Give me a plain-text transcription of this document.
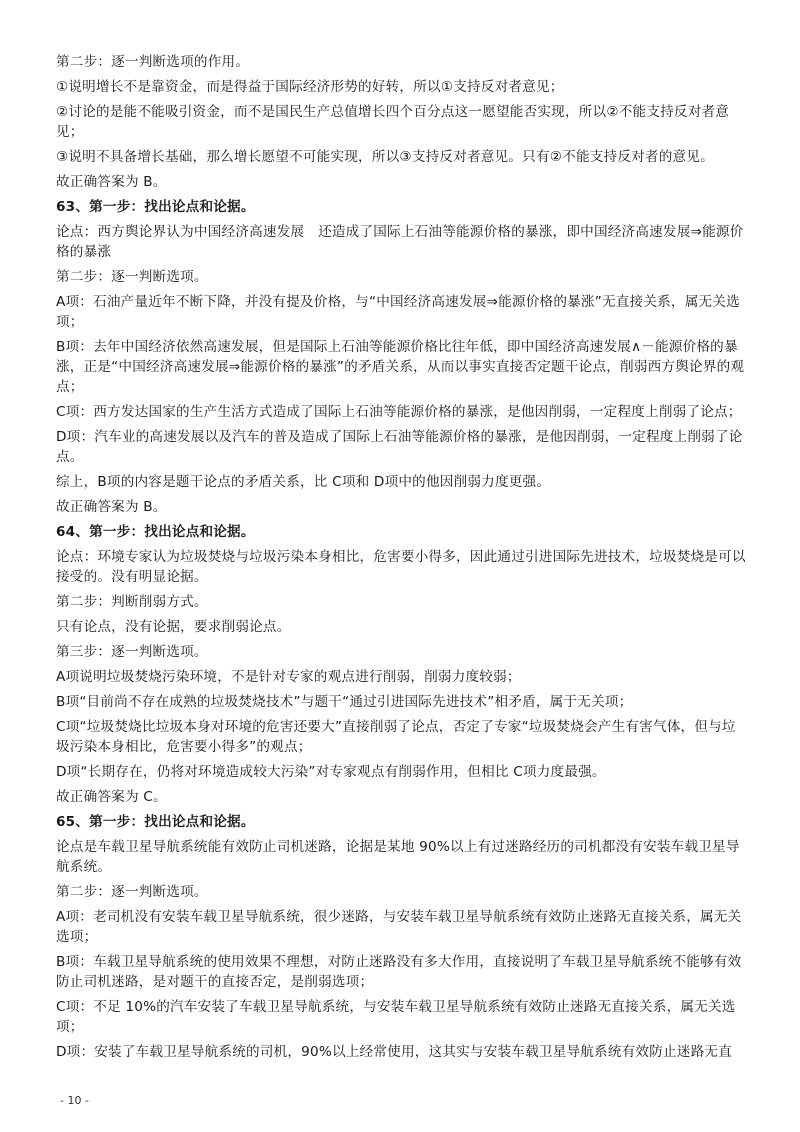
第二步：逐一判断选项的作用。

①说明增长不是靠资金，而是得益于国际经济形势的好转，所以①支持反对者意见；

②讨论的是能不能吸引资金，而不是国民生产总值增长四个百分点这一愿望能否实现，所以②不能支持反对者意见；

③说明不具备增长基础，那么增长愿望不可能实现，所以③支持反对者意见。只有②不能支持反对者的意见。

故正确答案为 B。

63、第一步：找出论点和论据。

论点：西方舆论界认为中国经济高速发展　还造成了国际上石油等能源价格的暴涨，即中国经济高速发展⇒能源价格的暴涨

第二步：逐一判断选项。

A项：石油产量近年不断下降，并没有提及价格，与“中国经济高速发展⇒能源价格的暴涨”无直接关系，属无关选项；

B项：去年中国经济依然高速发展，但是国际上石油等能源价格比往年低，即中国经济高速发展∧－能源价格的暴涨，正是“中国经济高速发展⇒能源价格的暴涨”的矛盾关系，从而以事实直接否定题干论点，削弱西方舆论界的观点；

C项：西方发达国家的生产生活方式造成了国际上石油等能源价格的暴涨，是他因削弱，一定程度上削弱了论点；

D项：汽车业的高速发展以及汽车的普及造成了国际上石油等能源价格的暴涨，是他因削弱，一定程度上削弱了论点。

综上，B项的内容是题干论点的矛盾关系，比 C项和 D项中的他因削弱力度更强。

故正确答案为 B。

64、第一步：找出论点和论据。

论点：环境专家认为垃圾焚烧与垃圾污染本身相比，危害要小得多，因此通过引进国际先进技术，垃圾焚烧是可以接受的。没有明显论据。

第二步：判断削弱方式。

只有论点，没有论据，要求削弱论点。

第三步：逐一判断选项。

A项说明垃圾焚烧污染环境，不是针对专家的观点进行削弱，削弱力度较弱；

B项“目前尚不存在成熟的垃圾焚烧技术”与题干“通过引进国际先进技术”相矛盾，属于无关项；

C项“垃圾焚烧比垃圾本身对环境的危害还要大”直接削弱了论点，否定了专家“垃圾焚烧会产生有害气体，但与垃圾污染本身相比，危害要小得多”的观点；

D项“长期存在，仍将对环境造成较大污染”对专家观点有削弱作用，但相比 C项力度最强。

故正确答案为 C。

65、第一步：找出论点和论据。

论点是车载卫星导航系统能有效防止司机迷路，论据是某地 90%以上有过迷路经历的司机都没有安装车载卫星导航系统。

第二步：逐一判断选项。

A项：老司机没有安装车载卫星导航系统，很少迷路，与安装车载卫星导航系统有效防止迷路无直接关系，属无关选项；

B项：车载卫星导航系统的使用效果不理想，对防止迷路没有多大作用，直接说明了车载卫星导航系统不能够有效防止司机迷路，是对题干的直接否定，是削弱选项；

C项：不足 10%的汽车安装了车载卫星导航系统，与安装车载卫星导航系统有效防止迷路无直接关系，属无关选项；

D项：安装了车载卫星导航系统的司机，90%以上经常使用，这其实与安装车载卫星导航系统有效防止迷路无直

- 10 -
